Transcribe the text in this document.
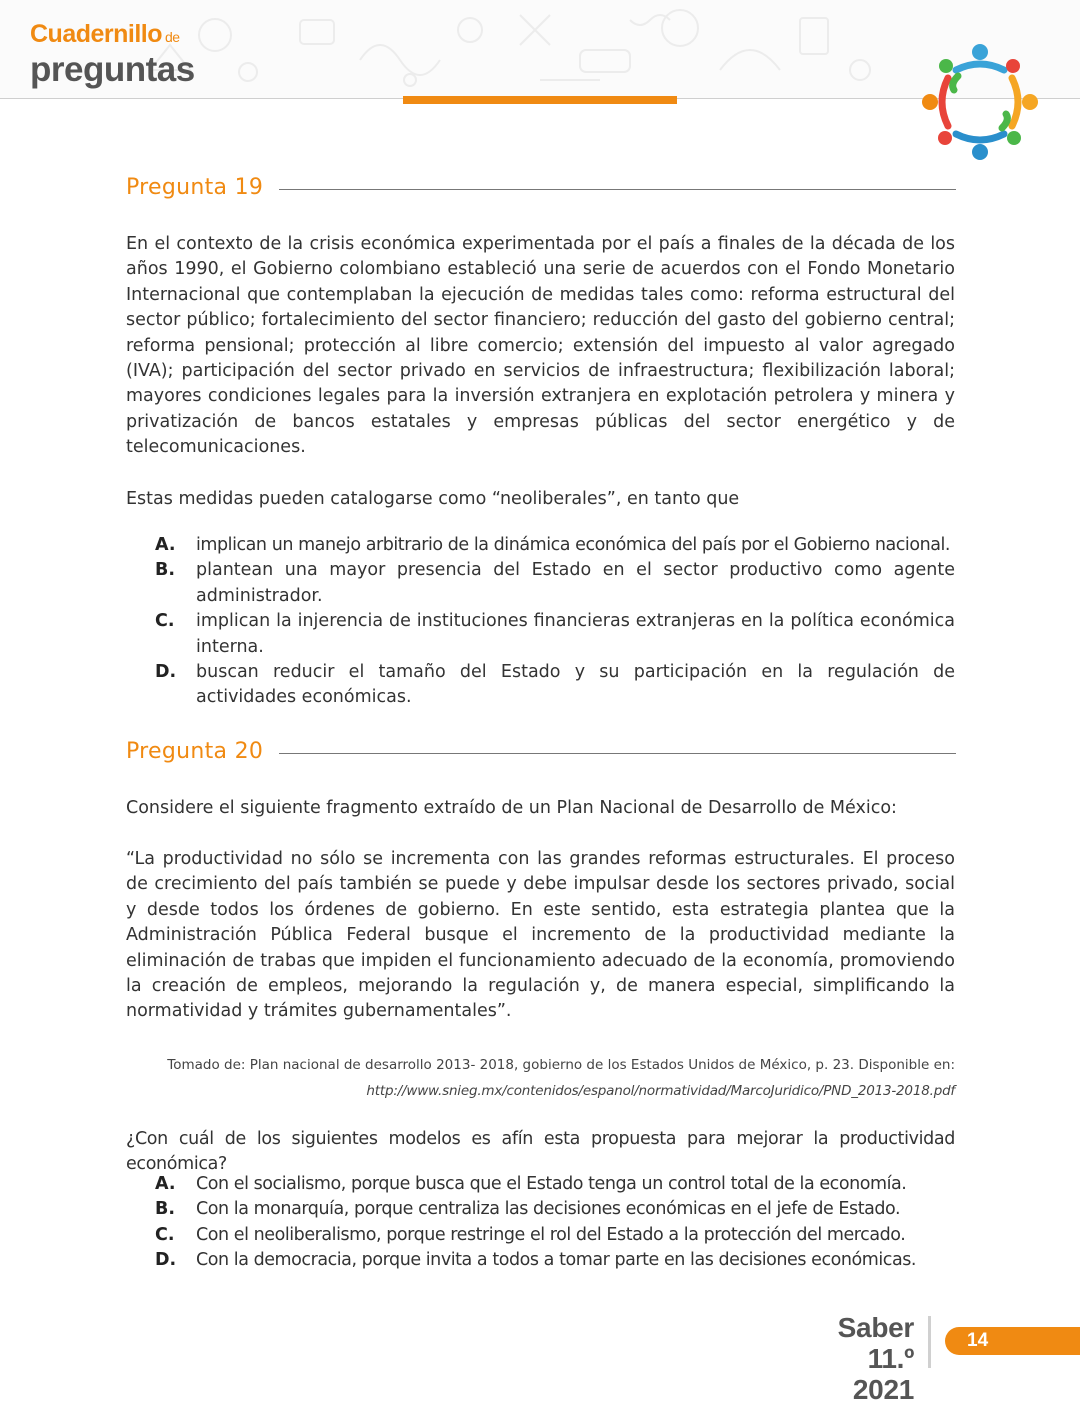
Cuadernillo de
preguntas
Pregunta 19

En el contexto de la crisis económica experimentada por el país a finales de la década de los años 1990, el Gobierno colombiano estableció una serie de acuerdos con el Fondo Monetario Internacional que contemplaban la ejecución de medidas tales como: reforma estructural del sector público; fortalecimiento del sector financiero; reducción del gasto del gobierno central; reforma pensional; protección al libre comercio; extensión del impuesto al valor agregado (IVA); participación del sector privado en servicios de infraestructura; flexibilización laboral; mayores condiciones legales para la inversión extranjera en explotación petrolera y minera y privatización de bancos estatales y empresas públicas del sector energético y de telecomunicaciones.

Estas medidas pueden catalogarse como “neoliberales”, en tanto que

A.	implican un manejo arbitrario de la dinámica económica del país por el Gobierno nacional.
B.	plantean una mayor presencia del Estado en el sector productivo como agente administrador.
C.	implican la injerencia de instituciones financieras extranjeras en la política económica interna.
D.	buscan reducir el tamaño del Estado y su participación en la regulación de actividades económicas.
Pregunta 20

Considere el siguiente fragmento extraído de un Plan Nacional de Desarrollo de México:

“La productividad no sólo se incrementa con las grandes reformas estructurales. El proceso de crecimiento del país también se puede y debe impulsar desde los sectores privado, social y desde todos los órdenes de gobierno. En este sentido, esta estrategia plantea que la Administración Pública Federal busque el incremento de la productividad mediante la eliminación de trabas que impiden el funcionamiento adecuado de la economía, promoviendo la creación de empleos, mejorando la regulación y, de manera especial, simplificando la normatividad y trámites gubernamentales”.

Tomado de: Plan nacional de desarrollo 2013- 2018, gobierno de los Estados Unidos de México, p. 23. Disponible en:
http://www.snieg.mx/contenidos/espanol/normatividad/MarcoJuridico/PND_2013-2018.pdf

¿Con cuál de los siguientes modelos es afín esta propuesta para mejorar la productividad económica?

A.	Con el socialismo, porque busca que el Estado tenga un control total de la economía.
B.	Con la monarquía, porque centraliza las decisiones económicas en el jefe de Estado.
C.	Con el neoliberalismo, porque restringe el rol del Estado a la protección del mercado.
D.	Con la democracia, porque invita a todos a tomar parte en las decisiones económicas.
Saber 11.º
2021
14
